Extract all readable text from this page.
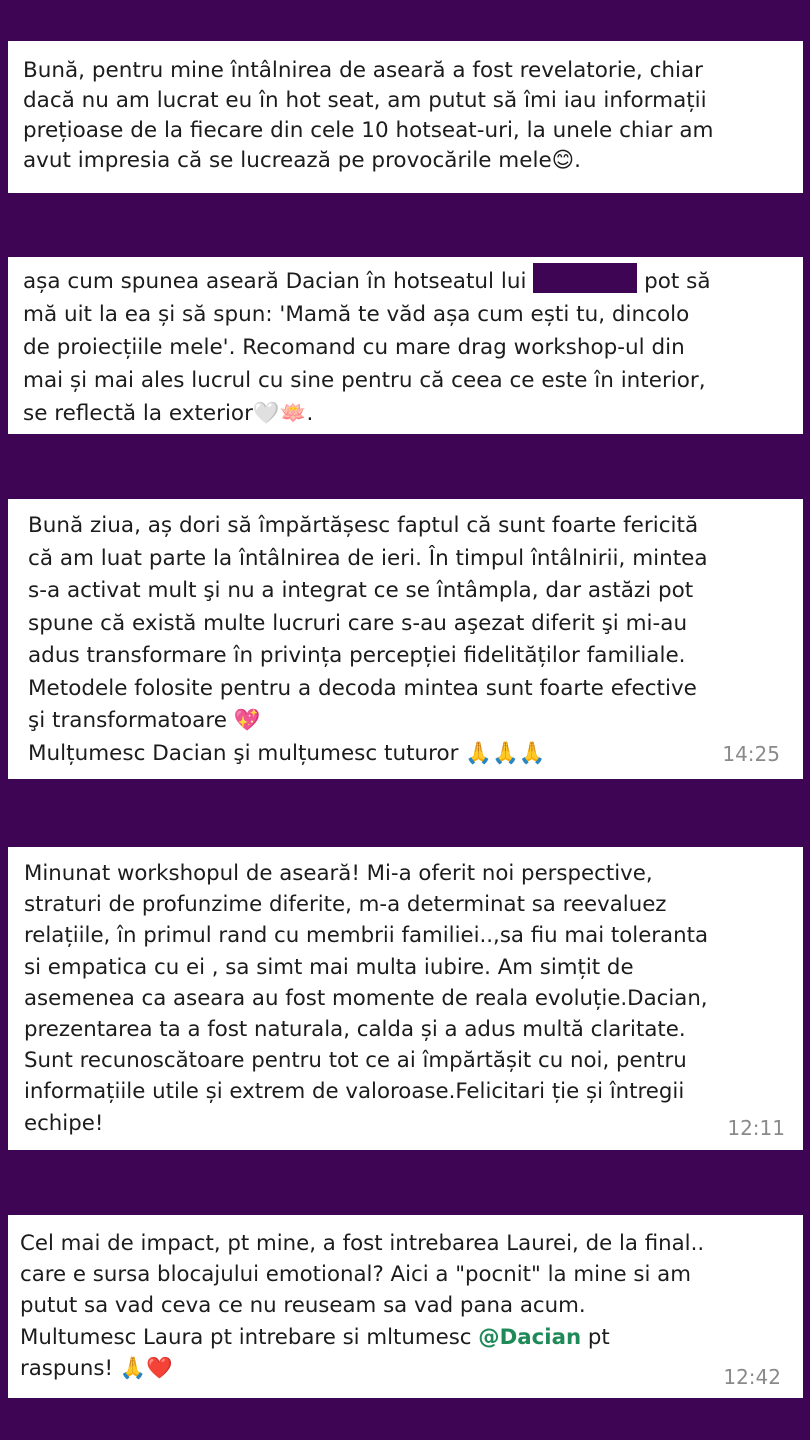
Bună, pentru mine întâlnirea de aseară a fost revelatorie, chiar
dacă nu am lucrat eu în hot seat, am putut să îmi iau informații
prețioase de la fiecare din cele 10 hotseat-uri, la unele chiar am
avut impresia că se lucrează pe provocările mele😊.
așa cum spunea aseară Dacian în hotseatul lui	pot să
mă uit la ea și să spun: 'Mamă te văd așa cum ești tu, dincolo
de proiecțiile mele'. Recomand cu mare drag workshop-ul din
mai și mai ales lucrul cu sine pentru că ceea ce este în interior,
se reflectă la exterior🤍🪷.
Bună ziua, aș dori să împărtășesc faptul că sunt foarte fericită
că am luat parte la întâlnirea de ieri. În timpul întâlnirii, mintea
s-a activat mult şi nu a integrat ce se întâmpla, dar astăzi pot
spune că există multe lucruri care s-au aşezat diferit şi mi-au
adus transformare în privința percepției fidelităților familiale.
Metodele folosite pentru a decoda mintea sunt foarte efective
şi transformatoare 💖
Mulțumesc Dacian şi mulțumesc tuturor 🙏🙏🙏	14:25
Minunat workshopul de aseară! Mi-a oferit noi perspective,
straturi de profunzime diferite, m-a determinat sa reevaluez
relațiile, în primul rand cu membrii familiei..,sa fiu mai toleranta
si empatica cu ei , sa simt mai multa iubire. Am simțit de
asemenea ca aseara au fost momente de reala evoluție.Dacian,
prezentarea ta a fost naturala, calda și a adus multă claritate.
Sunt recunoscătoare pentru tot ce ai împărtășit cu noi, pentru
informațiile utile și extrem de valoroase.Felicitari ție și întregii
echipe!	12:11
Cel mai de impact, pt mine, a fost intrebarea Laurei, de la final..
care e sursa blocajului emotional? Aici a "pocnit" la mine si am
putut sa vad ceva ce nu reuseam sa vad pana acum.
Multumesc Laura pt intrebare si mltumesc @Dacian pt
raspuns! 🙏❤️	12:42
